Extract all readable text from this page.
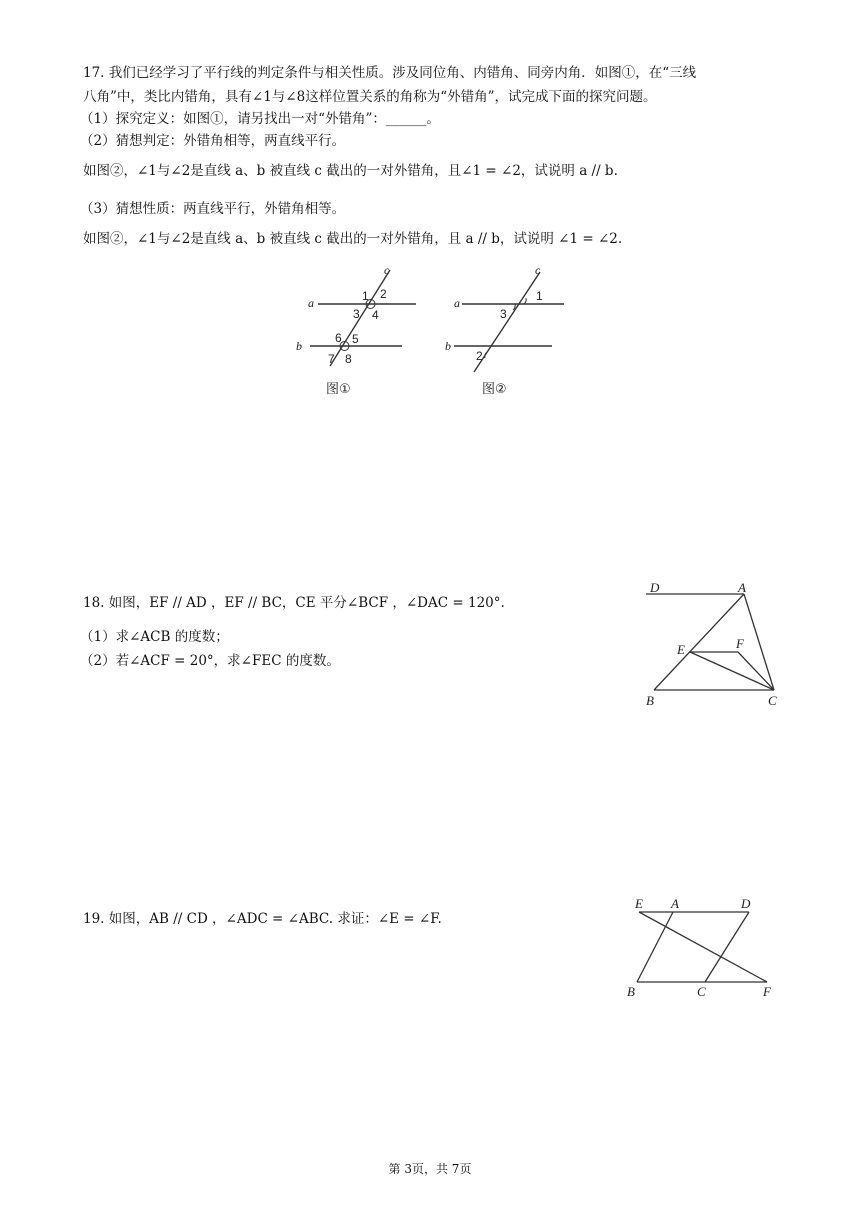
17. 我们已经学习了平行线的判定条件与相关性质。涉及同位角、内错角、同旁内角．如图①，在“三线
八角”中，类比内错角，具有∠1与∠8这样位置关系的角称为“外错角”，试完成下面的探究问题。
（1）探究定义：如图①，请另找出一对“外错角”：______。
（2）猜想判定：外错角相等，两直线平行。
如图②，∠1与∠2是直线 a、b 被直线 c 截出的一对外错角，且∠1 = ∠2，试说明 a // b.
（3）猜想性质：两直线平行，外错角相等。
如图②，∠1与∠2是直线 a、b 被直线 c 截出的一对外错角，且 a // b，试说明 ∠1 = ∠2.
c
a
b
1 2
3 4
5
6
7 8
图①
c
a
b
1
3
2
图②
18. 如图，EF // AD ，EF // BC，CE 平分∠BCF ，∠DAC = 120°.
（1）求∠ACB 的度数；
（2）若∠ACF = 20°，求∠FEC 的度数。
D	A
E	F
B	C
19. 如图，AB // CD ，∠ADC = ∠ABC. 求证：∠E = ∠F.
E A	D
B	C	F
第 3页，共 7页
